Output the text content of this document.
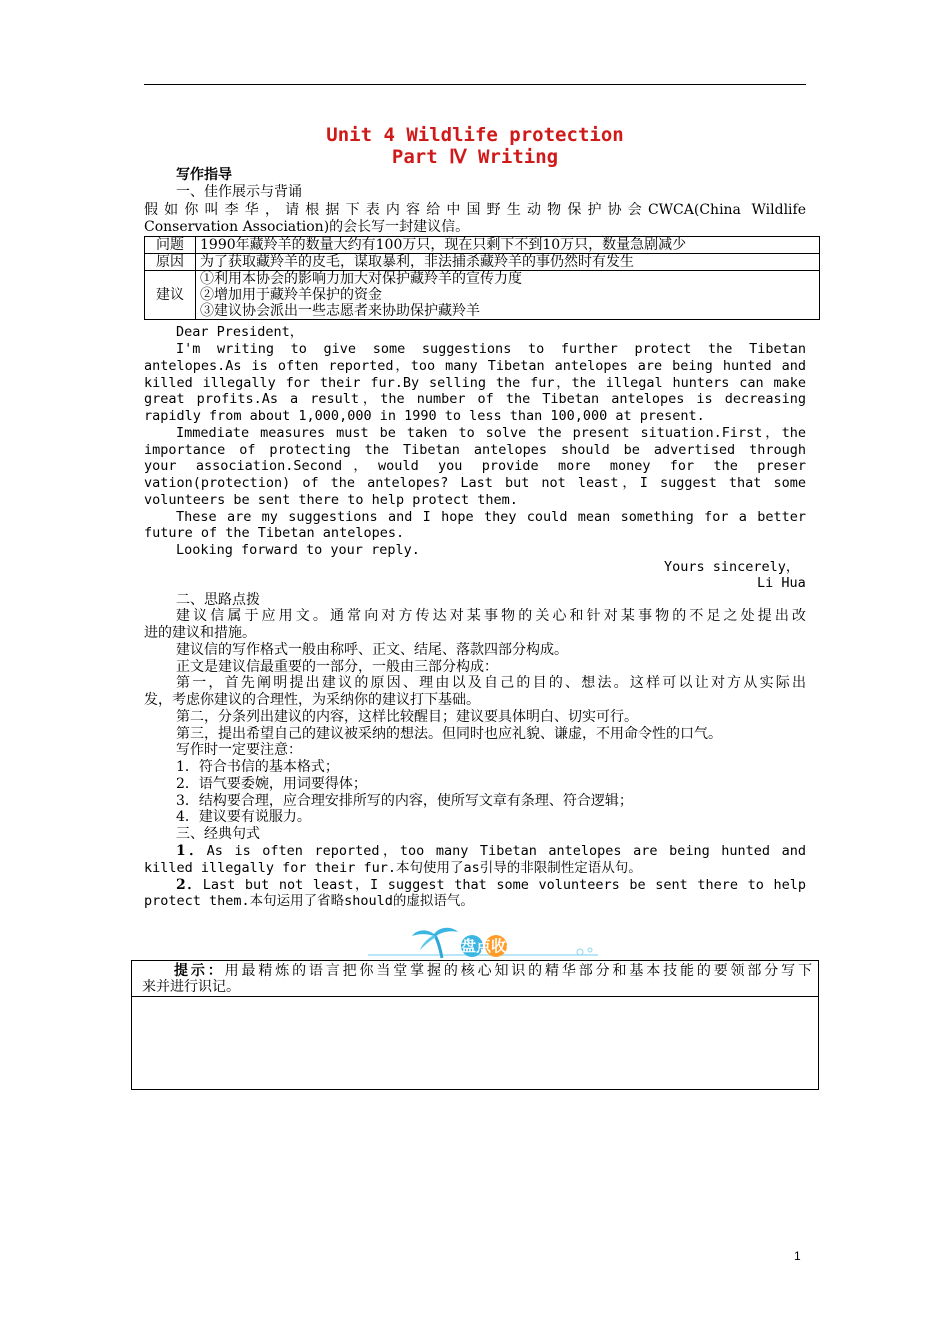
Unit 4 Wildlife protection
Part Ⅳ Writing
写作指导
一、佳作展示与背诵
假如你叫李华，请根据下表内容给中国野生动物保护协会CWCA(China Wildlife
Conservation Association)的会长写一封建议信。
问题	1990年藏羚羊的数量大约有100万只，现在只剩下不到10万只，数量急剧减少
原因	为了获取藏羚羊的皮毛，谋取暴利，非法捕杀藏羚羊的事仍然时有发生
建议	①利用本协会的影响力加大对保护藏羚羊的宣传力度
②增加用于藏羚羊保护的资金
③建议协会派出一些志愿者来协助保护藏羚羊
Dear President，
I'm writing to give some suggestions to further protect the Tibetan
antelopes.As is often reported，too many Tibetan antelopes are being hunted and
killed illegally for their fur.By selling the fur，the illegal hunters can make
great profits.As a result，the number of the Tibetan antelopes is decreasing
rapidly from about 1,000,000 in 1990 to less than 100,000 at present.
Immediate measures must be taken to solve the present situation.First，the
importance of protecting the Tibetan antelopes should be advertised through
your association.Second，would you provide more money for the preser
vation(protection) of the antelopes? Last but not least，I suggest that some
volunteers be sent there to help protect them.
These are my suggestions and I hope they could mean something for a better
future of the Tibetan antelopes.
Looking forward to your reply.
Yours sincerely，
Li Hua
二、思路点拨
建议信属于应用文。通常向对方传达对某事物的关心和针对某事物的不足之处提出改
进的建议和措施。
建议信的写作格式一般由称呼、正文、结尾、落款四部分构成。
正文是建议信最重要的一部分，一般由三部分构成：
第一，首先阐明提出建议的原因、理由以及自己的目的、想法。这样可以让对方从实际出
发，考虑你建议的合理性，为采纳你的建议打下基础。
第二，分条列出建议的内容，这样比较醒目；建议要具体明白、切实可行。
第三，提出希望自己的建议被采纳的想法。但同时也应礼貌、谦虚，不用命令性的口气。
写作时一定要注意：
1．符合书信的基本格式；
2．语气要委婉，用词要得体；
3．结构要合理，应合理安排所写的内容，使所写文章有条理、符合逻辑；
4．建议要有说服力。
三、经典句式
1．As is often reported，too many Tibetan antelopes are being hunted and
killed illegally for their fur.本句使用了as引导的非限制性定语从句。
2．Last but not least，I suggest that some volunteers be sent there to help
protect them.本句运用了省略should的虚拟语气。
盘点收获
提示：用最精炼的语言把你当堂掌握的核心知识的精华部分和基本技能的要领部分写下
来并进行识记。
1
